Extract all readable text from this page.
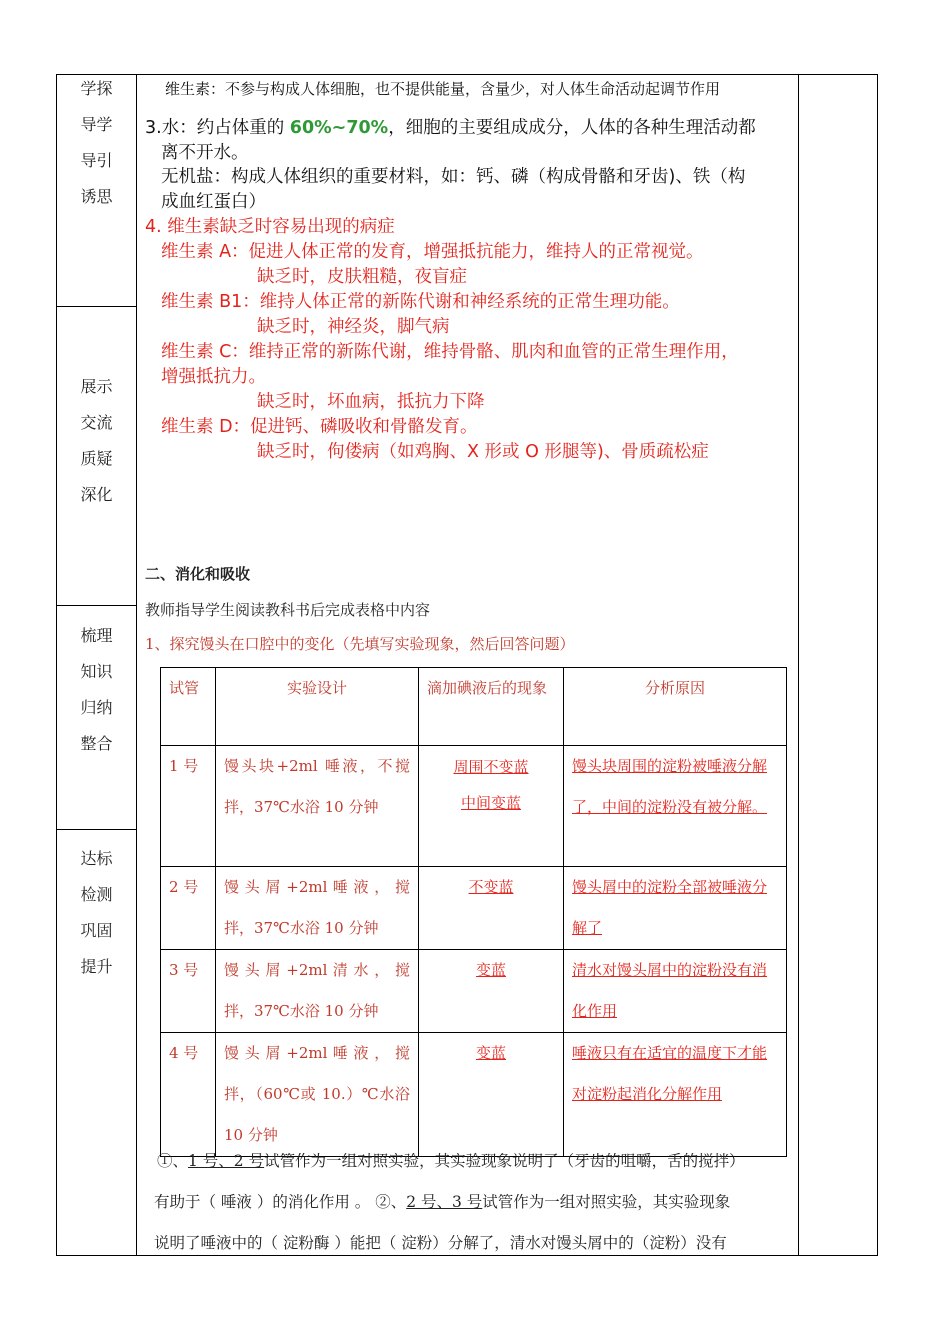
学探
导学
导引
诱思
展示
交流
质疑
深化
梳理
知识
归纳
整合
达标
检测
巩固
提升
维生素：不参与构成人体细胞，也不提供能量，含量少，对人体生命活动起调节作用
3.水：约占体重的 60%~70%，细胞的主要组成成分，人体的各种生理活动都
离不开水。
无机盐：构成人体组织的重要材料，如：钙、磷（构成骨骼和牙齿)、铁（构
成血红蛋白）
4. 维生素缺乏时容易出现的病症
维生素 A：促进人体正常的发育，增强抵抗能力，维持人的正常视觉。
缺乏时，皮肤粗糙，夜盲症
维生素 B1：维持人体正常的新陈代谢和神经系统的正常生理功能。
缺乏时，神经炎，脚气病
维生素 C：维持正常的新陈代谢，维持骨骼、肌肉和血管的正常生理作用，
增强抵抗力。
缺乏时，坏血病，抵抗力下降
维生素 D：促进钙、磷吸收和骨骼发育。
缺乏时，佝偻病（如鸡胸、X 形或 O 形腿等)、骨质疏松症
二、消化和吸收
教师指导学生阅读教科书后完成表格中内容
1、探究馒头在口腔中的变化（先填写实验现象，然后回答问题）
试管	实验设计	滴加碘液后的现象	分析原因
1 号	馒头块+2ml 唾液，不搅拌，37℃水浴 10 分钟	周围不变蓝
中间变蓝	馒头块周围的淀粉被唾液分解了，中间的淀粉没有被分解。
2 号	馒 头 屑 +2ml 唾 液 ， 搅拌，37℃水浴 10 分钟	不变蓝	馒头屑中的淀粉全部被唾液分解了
3 号	馒 头 屑 +2ml 清 水 ， 搅拌，37℃水浴 10 分钟	变蓝	清水对馒头屑中的淀粉没有消化作用
4 号	馒 头 屑 +2ml 唾 液 ， 搅拌，（60℃或 10.）℃水浴 10 分钟	变蓝	唾液只有在适宜的温度下才能对淀粉起消化分解作用
①、1 号、2 号试管作为一组对照实验，其实验现象说明了（牙齿的咀嚼，舌的搅拌）
有助于（ 唾液 ）的消化作用 。 ②、2 号、3 号试管作为一组对照实验，其实验现象
说明了唾液中的（ 淀粉酶 ）能把（ 淀粉）分解了，清水对馒头屑中的（淀粉）没有
